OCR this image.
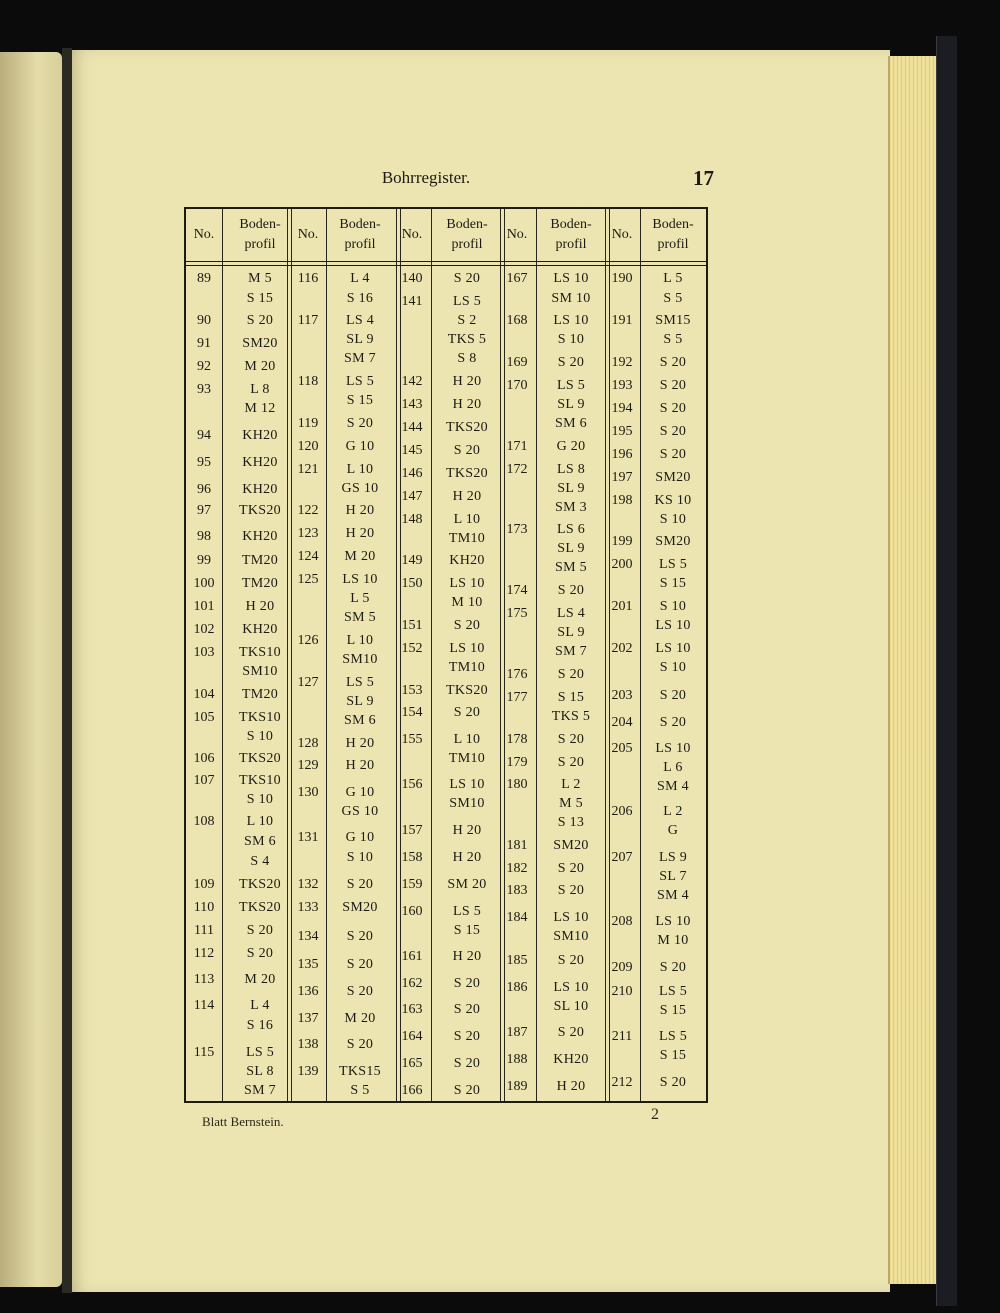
Bohrregister.	17
No.
Boden-
profil
89
90
91
92
93
94
95
96
97
98
99
100
101
102
103
104
105
106
107
108
109
110
111
112
113
114
115
M 5
S 15
S 20
SM20
M 20
L 8
M 12
KH20
KH20
KH20
TKS20
KH20
TM20
TM20
H 20
KH20
TKS10
SM10
TM20
TKS10
S 10
TKS20
TKS10
S 10
L 10
SM 6
S 4
TKS20
TKS20
S 20
S 20
M 20
L 4
S 16
LS 5
SL 8
SM 7
No.
Boden-
profil
116
117
118
119
120
121
122
123
124
125
126
127
128
129
130
131
132
133
134
135
136
137
138
139
L 4
S 16
LS 4
SL 9
SM 7
LS 5
S 15
S 20
G 10
L 10
GS 10
H 20
H 20
M 20
LS 10
L 5
SM 5
L 10
SM10
LS 5
SL 9
SM 6
H 20
H 20
G 10
GS 10
G 10
S 10
S 20
SM20
S 20
S 20
S 20
M 20
S 20
TKS15
S 5
No.
Boden-
profil
140
141
142
143
144
145
146
147
148
149
150
151
152
153
154
155
156
157
158
159
160
161
162
163
164
165
166
S 20
LS 5
S 2
TKS 5
S 8
H 20
H 20
TKS20
S 20
TKS20
H 20
L 10
TM10
KH20
LS 10
M 10
S 20
LS 10
TM10
TKS20
S 20
L 10
TM10
LS 10
SM10
H 20
H 20
SM 20
LS 5
S 15
H 20
S 20
S 20
S 20
S 20
S 20
No.
Boden-
profil
167
168
169
170
171
172
173
174
175
176
177
178
179
180
181
182
183
184
185
186
187
188
189
LS 10
SM 10
LS 10
S 10
S 20
LS 5
SL 9
SM 6
G 20
LS 8
SL 9
SM 3
LS 6
SL 9
SM 5
S 20
LS 4
SL 9
SM 7
S 20
S 15
TKS 5
S 20
S 20
L 2
M 5
S 13
SM20
S 20
S 20
LS 10
SM10
S 20
LS 10
SL 10
S 20
KH20
H 20
No.
Boden-
profil
190
191
192
193
194
195
196
197
198
199
200
201
202
203
204
205
206
207
208
209
210
211
212
L 5
S 5
SM15
S 5
S 20
S 20
S 20
S 20
S 20
SM20
KS 10
S 10
SM20
LS 5
S 15
S 10
LS 10
LS 10
S 10
S 20
S 20
LS 10
L 6
SM 4
L 2
G
LS 9
SL 7
SM 4
LS 10
M 10
S 20
LS 5
S 15
LS 5
S 15
S 20
Blatt Bernstein.	2
